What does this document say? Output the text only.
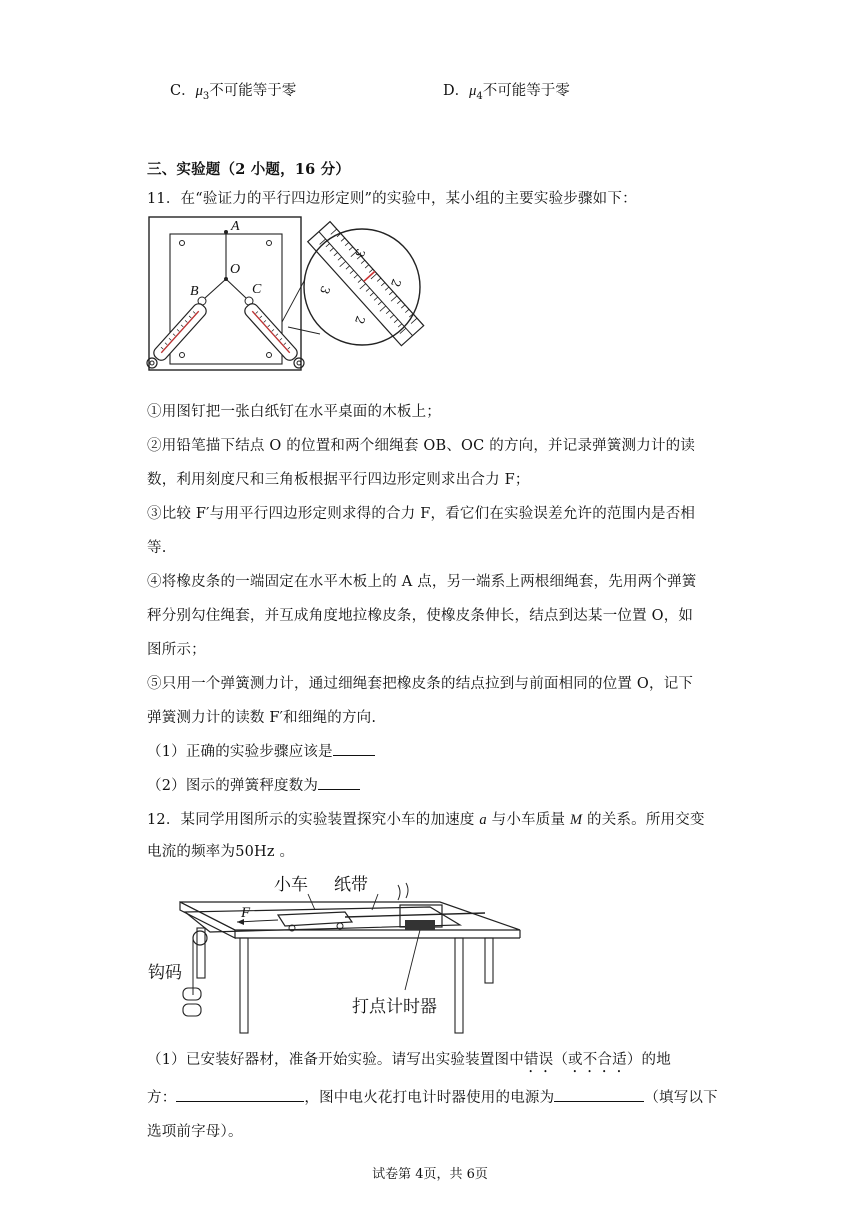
C．$\mu_3$不可能等于零	D．$\mu_4$不可能等于零
三、实验题（2 小题，16 分）
11．在“验证力的平行四边形定则”的实验中，某小组的主要实验步骤如下：
A
O
B	C
3
2
3
2
①用图钉把一张白纸钉在水平桌面的木板上；
②用铅笔描下结点 O 的位置和两个细绳套 OB、OC 的方向，并记录弹簧测力计的读
数，利用刻度尺和三角板根据平行四边形定则求出合力 F；
③比较 F′与用平行四边形定则求得的合力 F，看它们在实验误差允许的范围内是否相
等.
④将橡皮条的一端固定在水平木板上的 A 点，另一端系上两根细绳套，先用两个弹簧
秤分别勾住绳套，并互成角度地拉橡皮条，使橡皮条伸长，结点到达某一位置 O，如
图所示；
⑤只用一个弹簧测力计，通过细绳套把橡皮条的结点拉到与前面相同的位置 O，记下
弹簧测力计的读数 F′和细绳的方向.
（1）正确的实验步骤应该是
（2）图示的弹簧秤度数为
12．某同学用图所示的实验装置探究小车的加速度 a 与小车质量 M 的关系。所用交变
电流的频率为50Hz 。
小车 纸带
F
钩码
打点计时器
（1）已安装好器材，准备开始实验。请写出实验装置图中错误（或不合适）的地
方：	，图中电火花打电计时器使用的电源为	（填写以下
选项前字母）。
试卷第 4页，共 6页
